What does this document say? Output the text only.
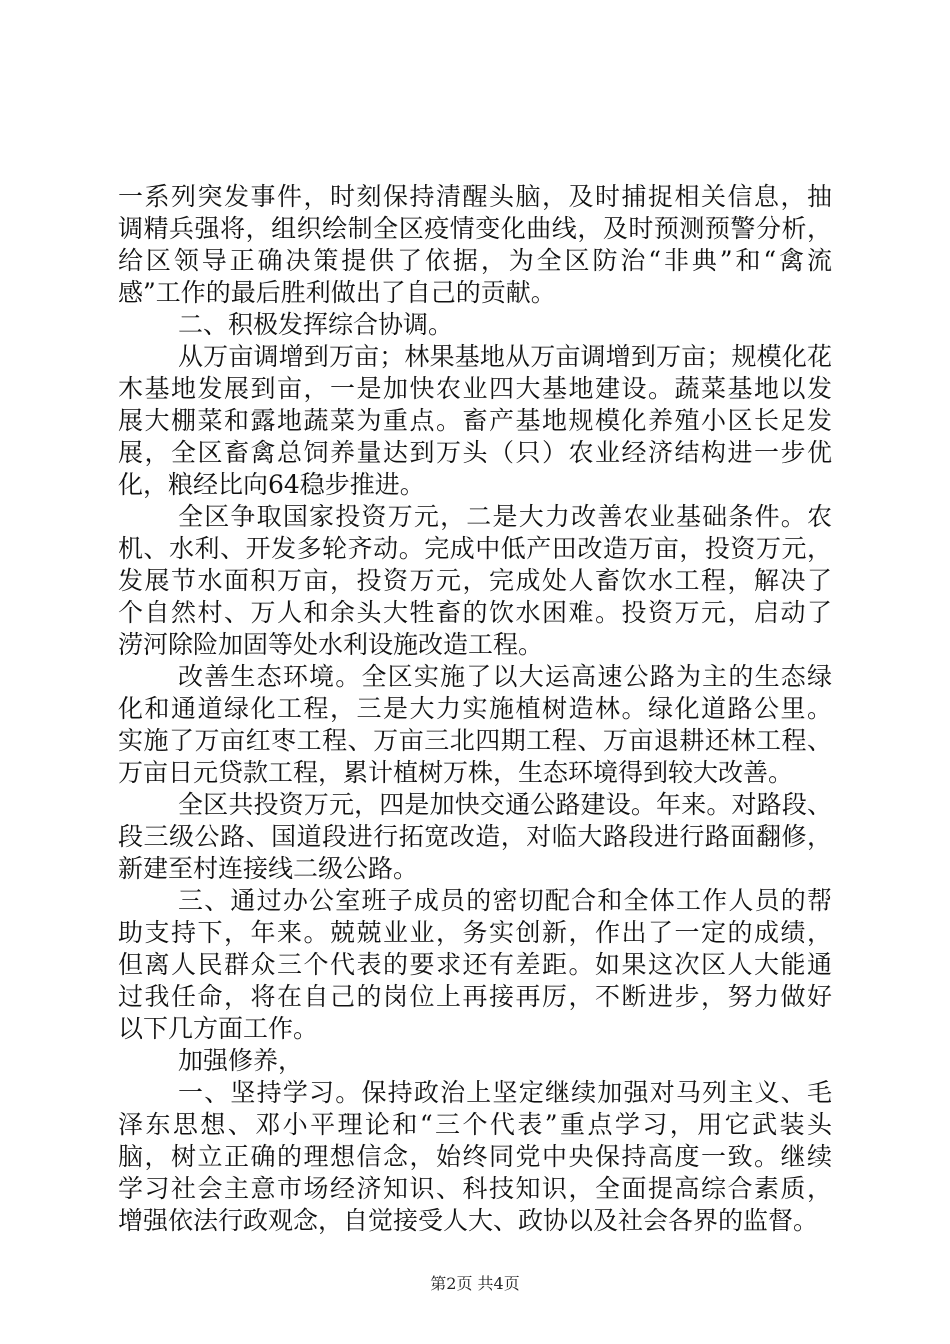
一系列突发事件，时刻保持清醒头脑，及时捕捉相关信息，抽
调精兵强将，组织绘制全区疫情变化曲线，及时预测预警分析，
给区领导正确决策提供了依据，为全区防治“非典”和“禽流
感”工作的最后胜利做出了自己的贡献。
二、积极发挥综合协调。
从万亩调增到万亩；林果基地从万亩调增到万亩；规模化花
木基地发展到亩，一是加快农业四大基地建设。蔬菜基地以发
展大棚菜和露地蔬菜为重点。畜产基地规模化养殖小区长足发
展，全区畜禽总饲养量达到万头（只）农业经济结构进一步优
化，粮经比向64稳步推进。
全区争取国家投资万元，二是大力改善农业基础条件。农
机、水利、开发多轮齐动。完成中低产田改造万亩，投资万元，
发展节水面积万亩，投资万元，完成处人畜饮水工程，解决了
个自然村、万人和余头大牲畜的饮水困难。投资万元，启动了
涝河除险加固等处水利设施改造工程。
改善生态环境。全区实施了以大运高速公路为主的生态绿
化和通道绿化工程，三是大力实施植树造林。绿化道路公里。
实施了万亩红枣工程、万亩三北四期工程、万亩退耕还林工程、
万亩日元贷款工程，累计植树万株，生态环境得到较大改善。
全区共投资万元，四是加快交通公路建设。年来。对路段、
段三级公路、国道段进行拓宽改造，对临大路段进行路面翻修，
新建至村连接线二级公路。
三、通过办公室班子成员的密切配合和全体工作人员的帮
助支持下，年来。兢兢业业，务实创新，作出了一定的成绩，
但离人民群众三个代表的要求还有差距。如果这次区人大能通
过我任命，将在自己的岗位上再接再厉，不断进步，努力做好
以下几方面工作。
加强修养，
一、坚持学习。保持政治上坚定继续加强对马列主义、毛
泽东思想、邓小平理论和“三个代表”重点学习，用它武装头
脑，树立正确的理想信念，始终同党中央保持高度一致。继续
学习社会主意市场经济知识、科技知识，全面提高综合素质，
增强依法行政观念，自觉接受人大、政协以及社会各界的监督。
第2页 共4页
